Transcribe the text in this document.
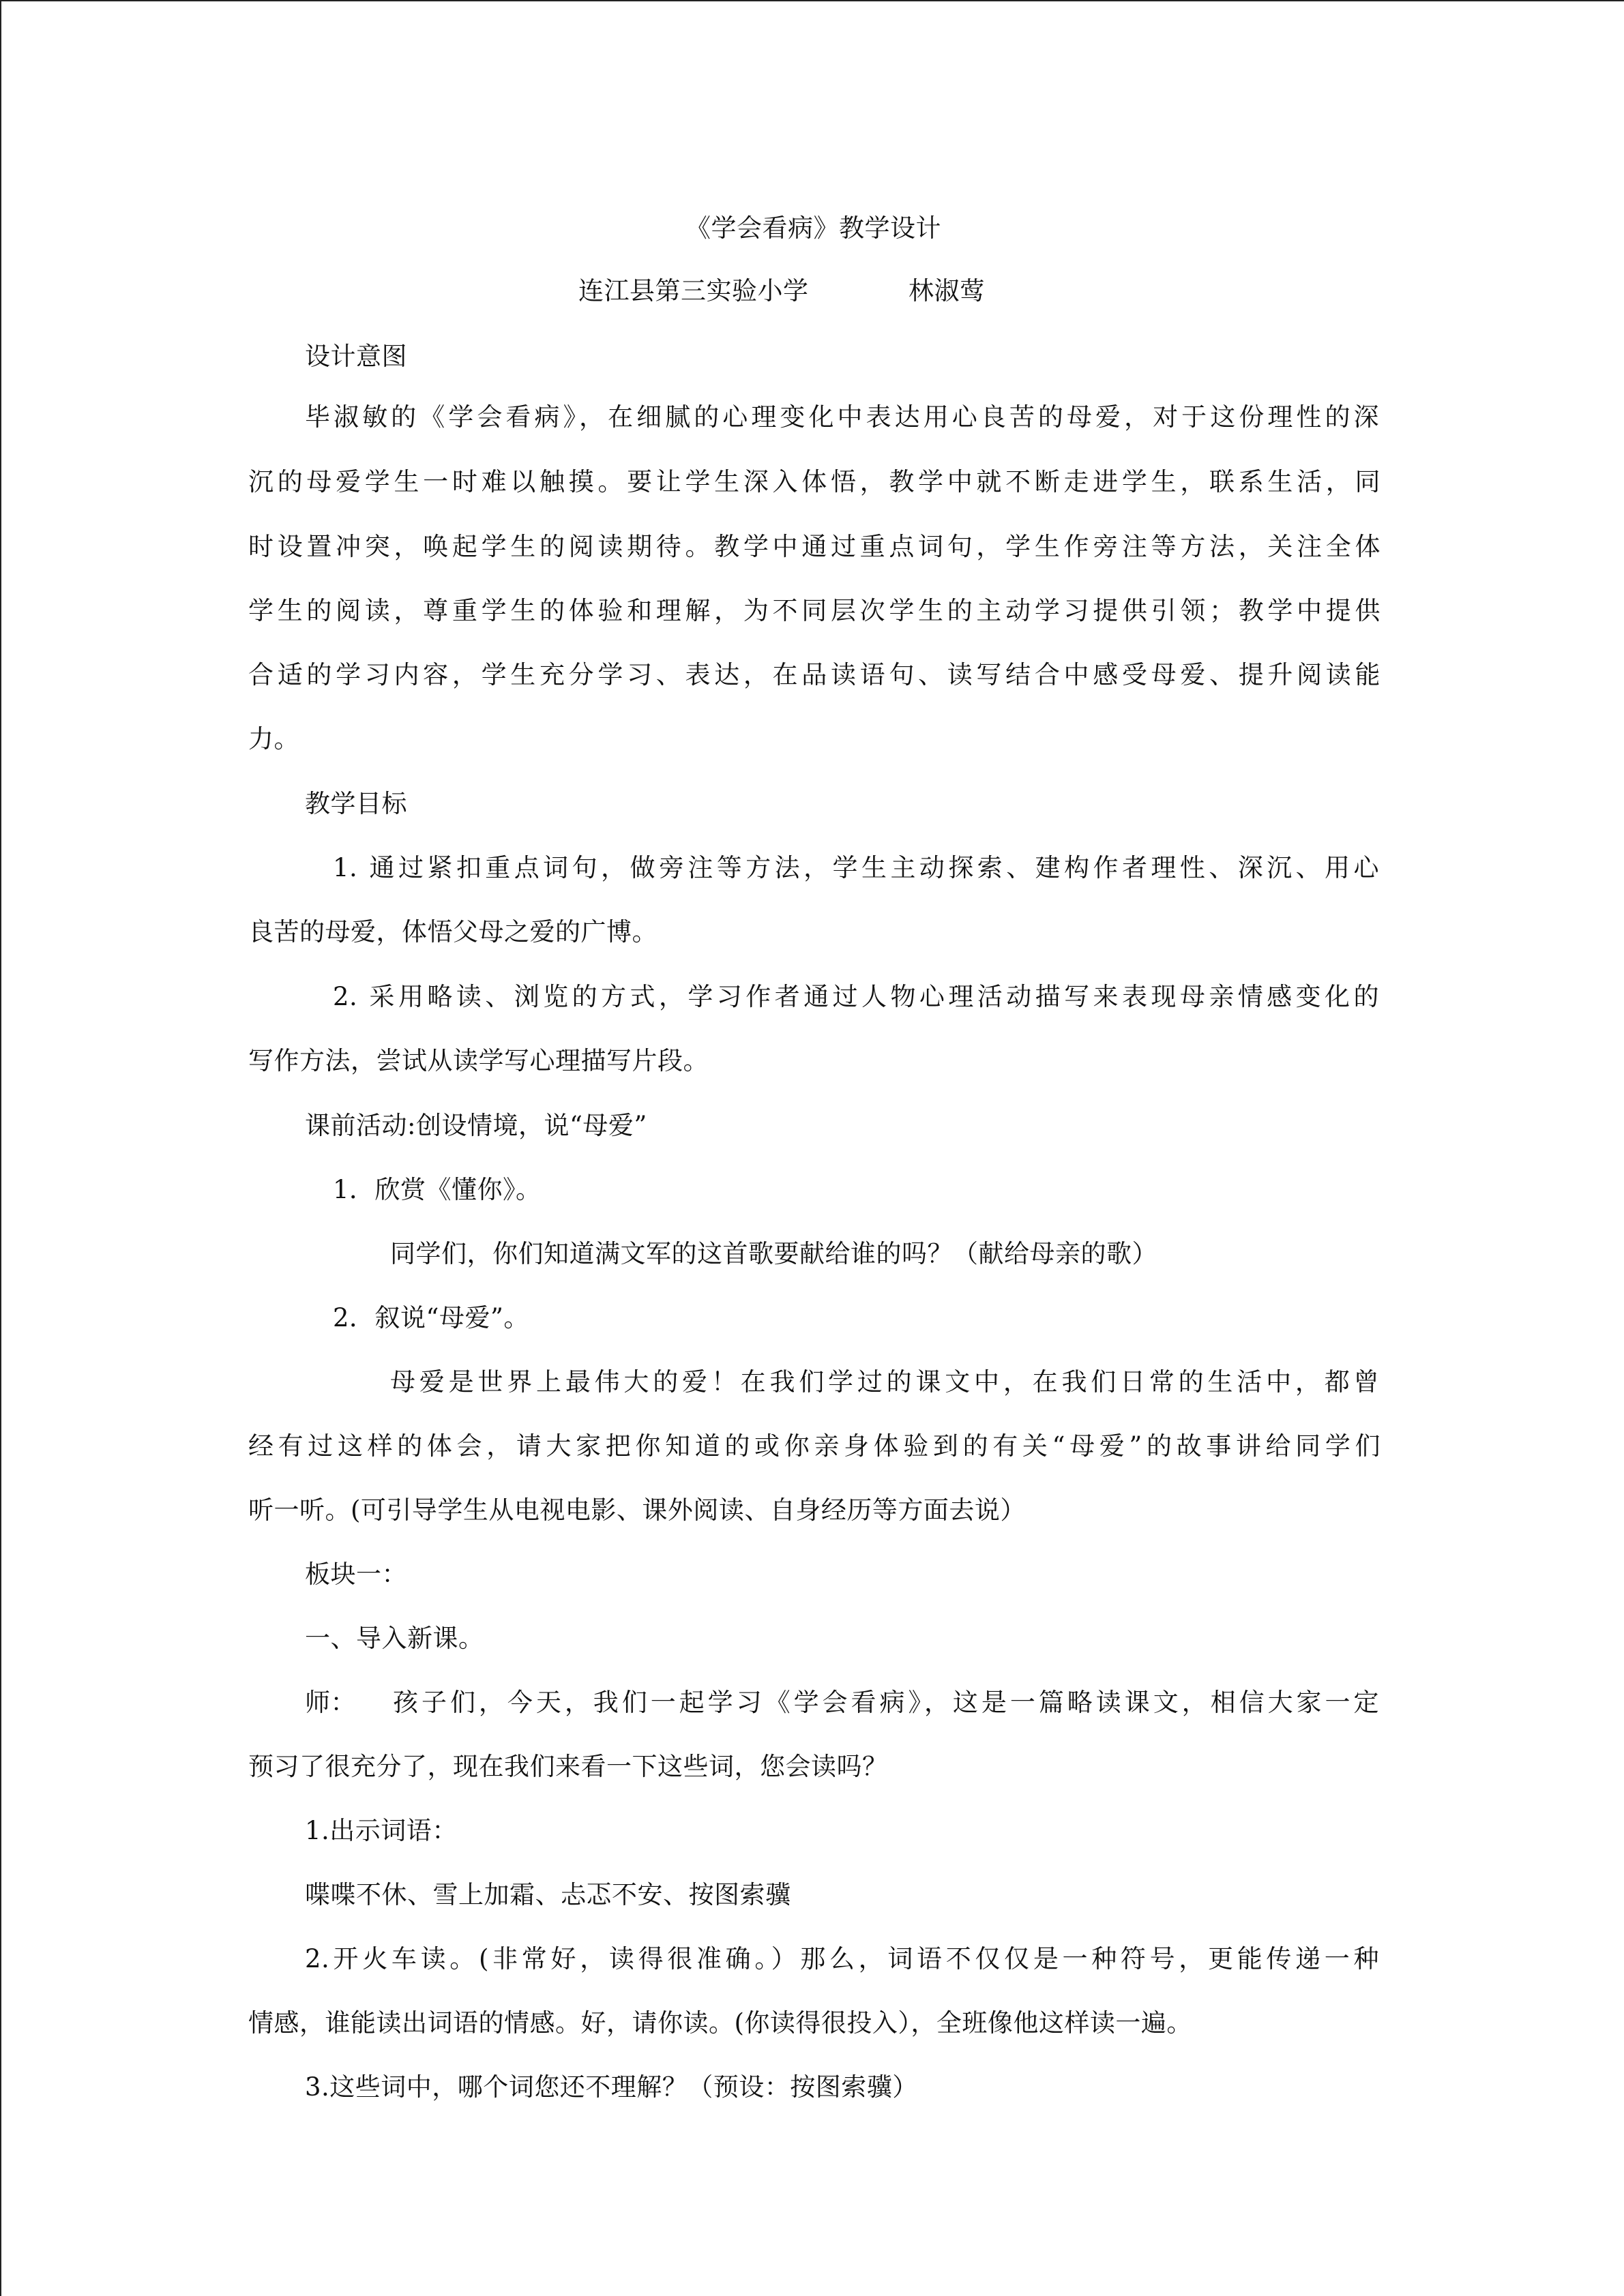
《学会看病》教学设计
连江县第三实验小学	林淑莺
设计意图
毕淑敏的《学会看病》，在细腻的心理变化中表达用心良苦的母爱，对于这份理性的深
沉的母爱学生一时难以触摸。要让学生深入体悟，教学中就不断走进学生，联系生活，同
时设置冲突，唤起学生的阅读期待。教学中通过重点词句，学生作旁注等方法，关注全体
学生的阅读，尊重学生的体验和理解，为不同层次学生的主动学习提供引领；教学中提供
合适的学习内容，学生充分学习、表达，在品读语句、读写结合中感受母爱、提升阅读能
力。
教学目标
1. 通过紧扣重点词句，做旁注等方法，学生主动探索、建构作者理性、深沉、用心
良苦的母爱，体悟父母之爱的广博。
2. 采用略读、浏览的方式，学习作者通过人物心理活动描写来表现母亲情感变化的
写作方法，尝试从读学写心理描写片段。
课前活动:创设情境，说“母爱”
1．欣赏《懂你》。
同学们，你们知道满文军的这首歌要献给谁的吗？（献给母亲的歌）
2．叙说“母爱”。
母爱是世界上最伟大的爱！在我们学过的课文中，在我们日常的生活中，都曾
经有过这样的体会，请大家把你知道的或你亲身体验到的有关“母爱”的故事讲给同学们
听一听。(可引导学生从电视电影、课外阅读、自身经历等方面去说）
板块一：
一、导入新课。
师： 孩子们，今天，我们一起学习《学会看病》，这是一篇略读课文，相信大家一定
预习了很充分了，现在我们来看一下这些词，您会读吗？
1.出示词语：
喋喋不休、雪上加霜、忐忑不安、按图索骥
2.开火车读。(非常好，读得很准确。）那么，词语不仅仅是一种符号，更能传递一种
情感，谁能读出词语的情感。好，请你读。(你读得很投入），全班像他这样读一遍。
3.这些词中，哪个词您还不理解？（预设：按图索骥）
